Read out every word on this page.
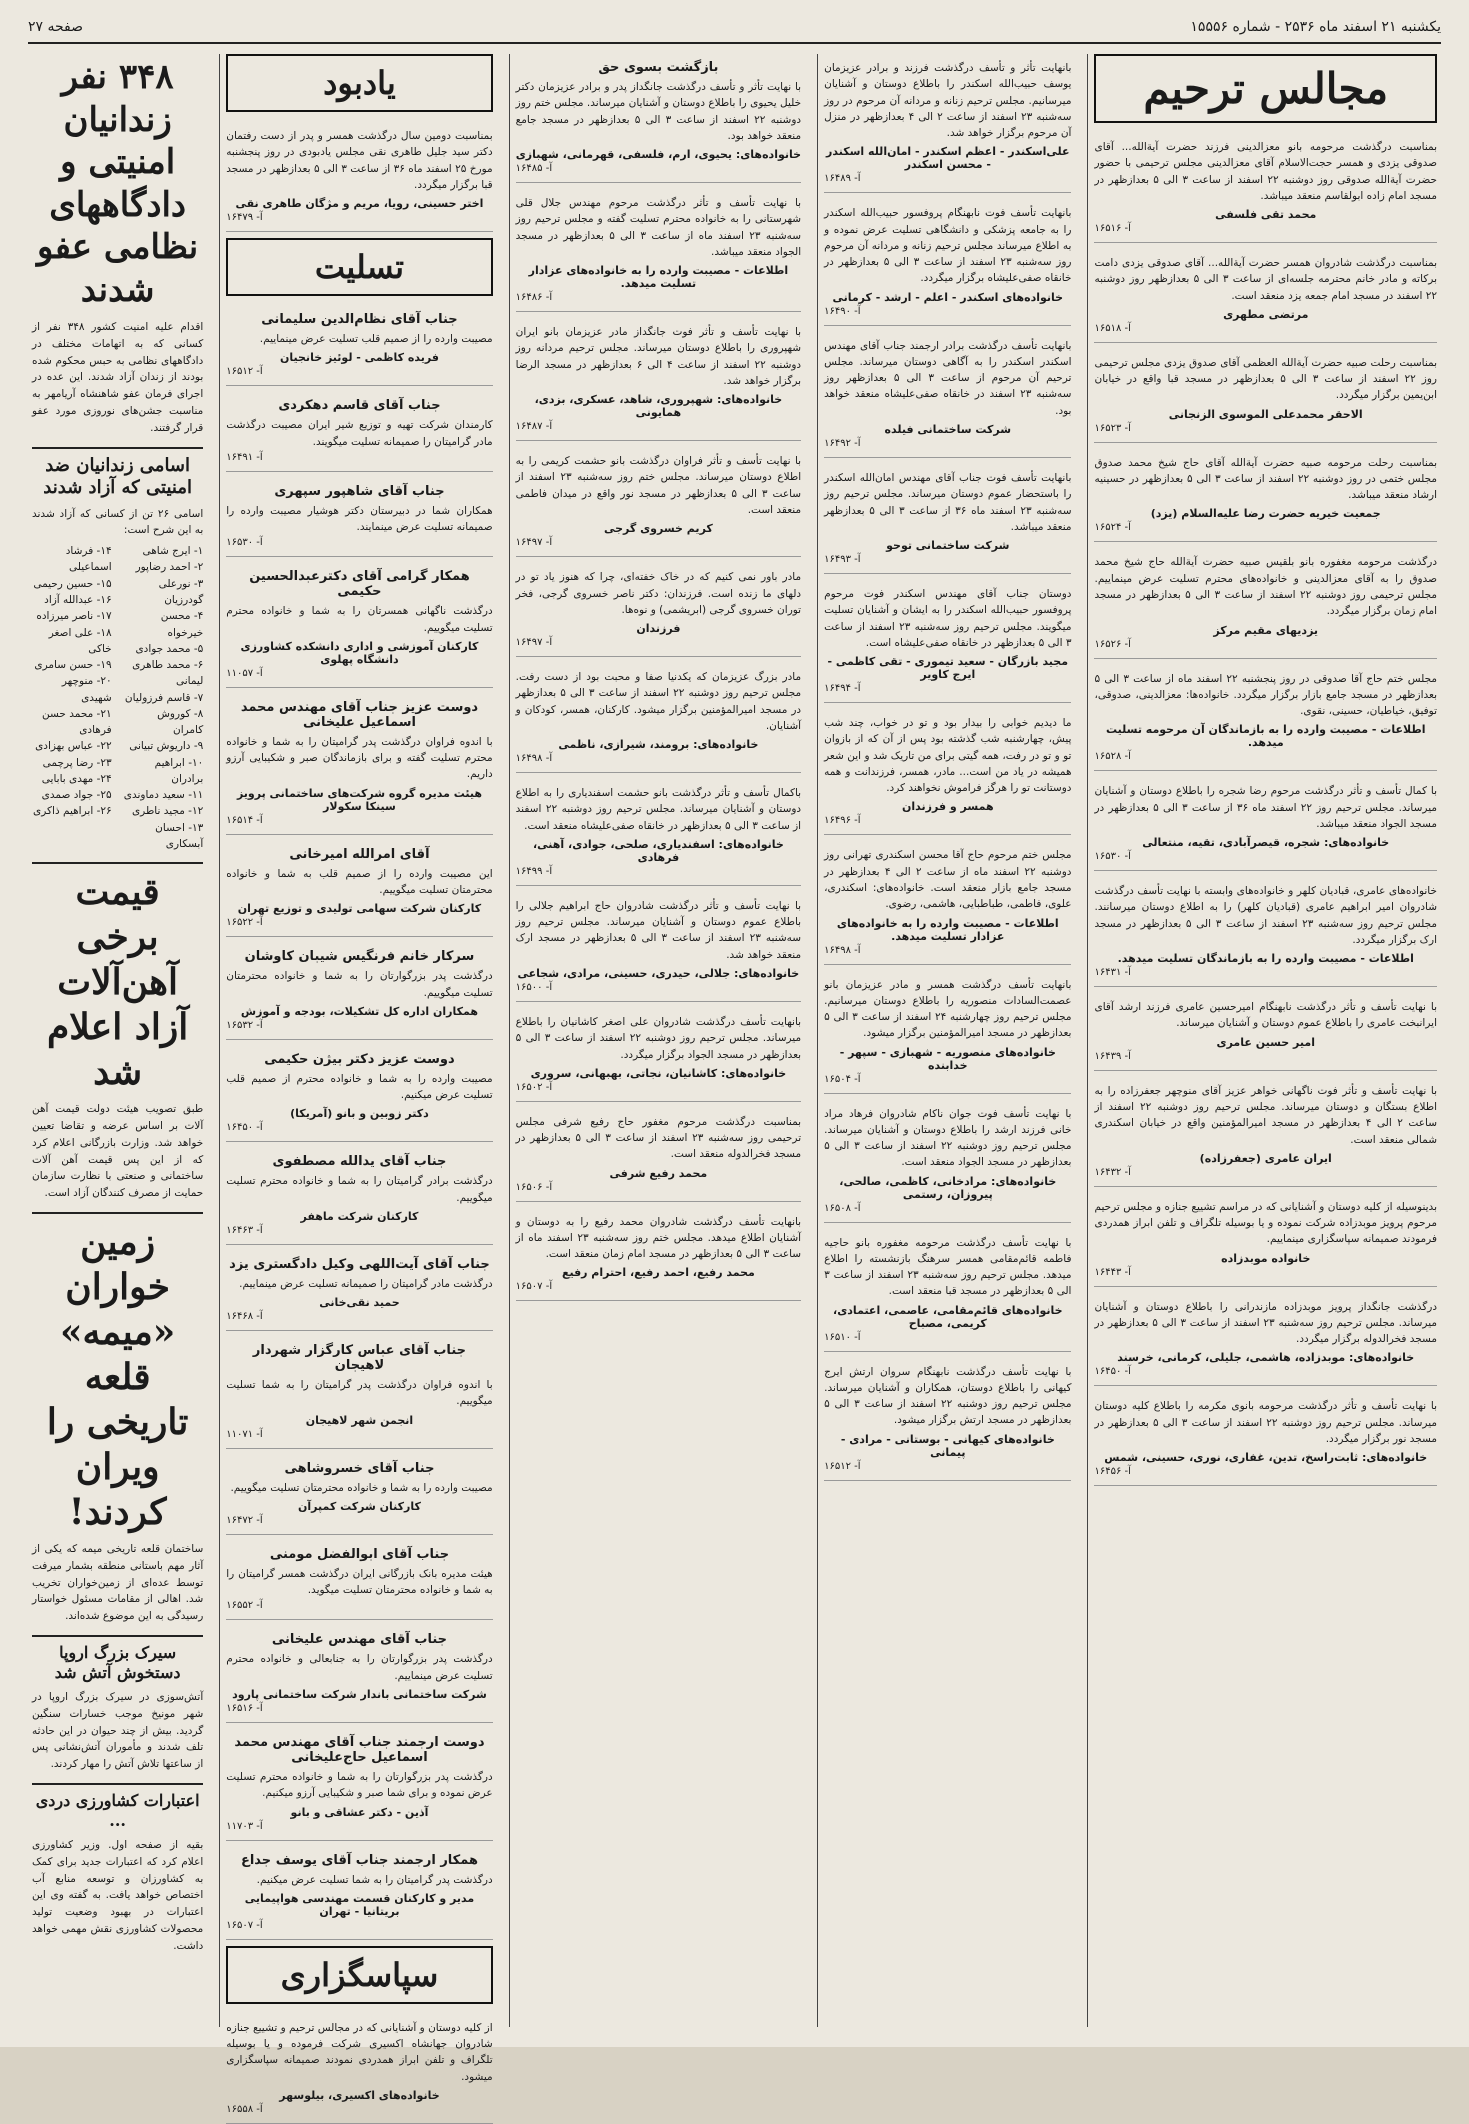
یکشنبه ۲۱ اسفند ماه ۲۵۳۶ - شماره ۱۵۵۵۶
صفحه ۲۷
مجالس ترحیم

بمناسبت درگذشت مرحومه بانو معزالدینی فرزند حضرت آیة‌الله... آقای صدوقی یزدی و همسر حجت‌الاسلام آقای معزالدینی مجلس ترحیمی با حضور حضرت آیة‌الله صدوقی روز دوشنبه ۲۲ اسفند از ساعت ۳ الی ۵ بعدازظهر در مسجد امام زاده ابولقاسم منعقد میباشد.

محمد تقی فلسفی
آ- ۱۶۵۱۶

بمناسبت درگذشت شادروان همسر حضرت آیة‌الله... آقای صدوقی یزدی دامت برکاته و مادر خانم محترمه جلسه‌ای از ساعت ۳ الی ۵ بعدازظهر روز دوشنبه ۲۲ اسفند در مسجد امام جمعه یزد منعقد است.

مرتضی مطهری
آ- ۱۶۵۱۸

بمناسبت رحلت صبیه حضرت آیة‌الله العظمی آقای صدوق یزدی مجلس ترحیمی روز ۲۲ اسفند از ساعت ۳ الی ۵ بعدازظهر در مسجد قبا واقع در خیابان ابن‌یمین برگزار میگردد.

الاحقر محمدعلی الموسوی الزنجانی
آ- ۱۶۵۲۳

بمناسبت رحلت مرحومه صبیه حضرت آیة‌الله آقای حاج شیخ محمد صدوق مجلس ختمی در روز دوشنبه ۲۲ اسفند از ساعت ۳ الی ۵ بعدازظهر در حسینیه ارشاد منعقد میباشد.

جمعیت خیریه حضرت رضا علیه‌السلام (یزد)
آ- ۱۶۵۲۴

درگذشت مرحومه مغفوره بانو بلقیس صبیه حضرت آیة‌الله حاج شیخ محمد صدوق را به آقای معزالدینی و خانواده‌های محترم تسلیت عرض مینماییم. مجلس ترحیمی روز دوشنبه ۲۲ اسفند از ساعت ۳ الی ۵ بعدازظهر در مسجد امام زمان برگزار میگردد.

یزدیهای مقیم مرکز
آ- ۱۶۵۲۶

مجلس ختم حاج آقا صدوقی در روز پنجشنبه ۲۲ اسفند ماه از ساعت ۳ الی ۵ بعدازظهر در مسجد جامع بازار برگزار میگردد. خانواده‌ها: معزالدینی، صدوقی، توفیق، خیاطیان، حسینی، نقوی.

اطلاعات - مصیبت وارده را به بازماندگان آن مرحومه تسلیت میدهد.
آ- ۱۶۵۲۸

با کمال تأسف و تأثر درگذشت مرحوم رضا شجره را باطلاع دوستان و آشنایان میرساند. مجلس ترحیم روز ۲۲ اسفند ماه ۳۶ از ساعت ۳ الی ۵ بعدازظهر در مسجد الجواد منعقد میباشد.

خانواده‌های: شجره، قیصرآبادی، تقیه، منتعالی
آ- ۱۶۵۳۰

خانواده‌های عامری، قبادیان کلهر و خانواده‌های وابسته با نهایت تأسف درگذشت شادروان امیر ابراهیم عامری (قبادیان کلهر) را به اطلاع دوستان میرسانند. مجلس ترحیم روز سه‌شنبه ۲۳ اسفند از ساعت ۳ الی ۵ بعدازظهر در مسجد ارک برگزار میگردد.

اطلاعات - مصیبت وارده را به بازماندگان تسلیت میدهد.
آ- ۱۶۴۳۱

با نهایت تأسف و تأثر درگذشت نابهنگام امیرحسین عامری فرزند ارشد آقای ایرانبخت عامری را باطلاع عموم دوستان و آشنایان میرساند.

امیر حسین عامری
آ- ۱۶۴۳۹

با نهایت تأسف و تأثر فوت ناگهانی خواهر عزیز آقای منوچهر جعفرزاده را به اطلاع بستگان و دوستان میرساند. مجلس ترحیم روز دوشنبه ۲۲ اسفند از ساعت ۲ الی ۴ بعدازظهر در مسجد امیرالمؤمنین واقع در خیابان اسکندری شمالی منعقد است.

ایران عامری (جعفرزاده)
آ- ۱۶۴۳۲

بدینوسیله از کلیه دوستان و آشنایانی که در مراسم تشییع جنازه و مجلس ترحیم مرحوم پرویز موبدزاده شرکت نموده و یا بوسیله تلگراف و تلفن ابراز همدردی فرمودند صمیمانه سپاسگزاری مینماییم.

خانواده موبدزاده
آ- ۱۶۴۴۳

درگذشت جانگداز پرویز موبدزاده مازندرانی را باطلاع دوستان و آشنایان میرساند. مجلس ترحیم روز سه‌شنبه ۲۳ اسفند از ساعت ۳ الی ۵ بعدازظهر در مسجد فخرالدوله برگزار میگردد.

خانواده‌های: موبدزاده، هاشمی، جلیلی، کرمانی، خرسند
آ- ۱۶۴۵۰

با نهایت تأسف و تأثر درگذشت مرحومه بانوی مکرمه را باطلاع کلیه دوستان میرساند. مجلس ترحیم روز دوشنبه ۲۲ اسفند از ساعت ۳ الی ۵ بعدازظهر در مسجد نور برگزار میگردد.

خانواده‌های: ثابت‌راسخ، تدین، غفاری، نوری، حسینی، شمس
آ- ۱۶۴۵۶

بانهایت تأثر و تأسف درگذشت فرزند و برادر عزیزمان یوسف حبیب‌الله اسکندر را باطلاع دوستان و آشنایان میرسانیم. مجلس ترحیم زنانه و مردانه آن مرحوم در روز سه‌شنبه ۲۳ اسفند از ساعت ۲ الی ۴ بعدازظهر در منزل آن مرحوم برگزار خواهد شد.

علی‌اسکندر - اعظم اسکندر - امان‌الله اسکندر - محسن اسکندر
آ- ۱۶۴۸۹

بانهایت تأسف فوت نابهنگام پروفسور حبیب‌الله اسکندر را به جامعه پزشکی و دانشگاهی تسلیت عرض نموده و به اطلاع میرساند مجلس ترحیم زنانه و مردانه آن مرحوم روز سه‌شنبه ۲۳ اسفند از ساعت ۳ الی ۵ بعدازظهر در خانقاه صفی‌علیشاه برگزار میگردد.

خانواده‌های اسکندر - اعلم - ارشد - کرمانی
آ- ۱۶۴۹۰

بانهایت تأسف درگذشت برادر ارجمند جناب آقای مهندس اسکندر اسکندر را به آگاهی دوستان میرساند. مجلس ترحیم آن مرحوم از ساعت ۳ الی ۵ بعدازظهر روز سه‌شنبه ۲۳ اسفند در خانقاه صفی‌علیشاه منعقد خواهد بود.

شرکت ساختمانی فیلده
آ- ۱۶۴۹۲

بانهایت تأسف فوت جناب آقای مهندس امان‌الله اسکندر را باستحضار عموم دوستان میرساند. مجلس ترحیم روز سه‌شنبه ۲۳ اسفند ماه ۳۶ از ساعت ۳ الی ۵ بعدازظهر منعقد میباشد.

شرکت ساختمانی توحو
آ- ۱۶۴۹۳

دوستان جناب آقای مهندس اسکندر فوت مرحوم پروفسور حبیب‌الله اسکندر را به ایشان و آشنایان تسلیت میگویند. مجلس ترحیم روز سه‌شنبه ۲۳ اسفند از ساعت ۳ الی ۵ بعدازظهر در خانقاه صفی‌علیشاه است.

مجید بازرگان - سعید تیموری - تقی کاظمی - ایرج کاویر
آ- ۱۶۴۹۴

ما دیدیم خوابی را بیدار بود و تو در خواب، چند شب پیش، چهارشنبه شب گذشته بود پس از آن که از بازوان تو و تو در رفت، همه گیتی برای من تاریک شد و این شعر همیشه در یاد من است... مادر، همسر، فرزندانت و همه دوستانت تو را هرگز فراموش نخواهند کرد.

همسر و فرزندان
آ- ۱۶۴۹۶

مجلس ختم مرحوم حاج آقا محسن اسکندری تهرانی روز دوشنبه ۲۲ اسفند ماه از ساعت ۲ الی ۴ بعدازظهر در مسجد جامع بازار منعقد است. خانواده‌های: اسکندری، علوی، فاطمی، طباطبایی، هاشمی، رضوی.

اطلاعات - مصیبت وارده را به خانواده‌های عزادار تسلیت میدهد.
آ- ۱۶۴۹۸

بانهایت تأسف درگذشت همسر و مادر عزیزمان بانو عصمت‌السادات منصوریه را باطلاع دوستان میرسانیم. مجلس ترحیم روز چهارشنبه ۲۴ اسفند از ساعت ۳ الی ۵ بعدازظهر در مسجد امیرالمؤمنین برگزار میشود.

خانواده‌های منصوریه - شهبازی - سپهر - خدابنده
آ- ۱۶۵۰۴

با نهایت تأسف فوت جوان ناکام شادروان فرهاد مراد خانی فرزند ارشد را باطلاع دوستان و آشنایان میرساند. مجلس ترحیم روز دوشنبه ۲۲ اسفند از ساعت ۳ الی ۵ بعدازظهر در مسجد الجواد منعقد است.

خانواده‌های: مرادخانی، کاظمی، صالحی، پیروزان، رستمی
آ- ۱۶۵۰۸

با نهایت تأسف درگذشت مرحومه مغفوره بانو حاجیه فاطمه قائم‌مقامی همسر سرهنگ بازنشسته را اطلاع میدهد. مجلس ترحیم روز سه‌شنبه ۲۳ اسفند از ساعت ۳ الی ۵ بعدازظهر در مسجد قبا منعقد است.

خانواده‌های قائم‌مقامی، عاصمی، اعتمادی، کریمی، مصباح
آ- ۱۶۵۱۰

با نهایت تأسف درگذشت نابهنگام سروان ارتش ایرج کیهانی را باطلاع دوستان، همکاران و آشنایان میرساند. مجلس ترحیم روز دوشنبه ۲۲ اسفند از ساعت ۳ الی ۵ بعدازظهر در مسجد ارتش برگزار میشود.

خانواده‌های کیهانی - بوستانی - مرادی - پیمانی
آ- ۱۶۵۱۲
بازگشت بسوی حق

با نهایت تأثر و تأسف درگذشت جانگداز پدر و برادر عزیزمان دکتر خلیل یحیوی را باطلاع دوستان و آشنایان میرساند. مجلس ختم روز دوشنبه ۲۲ اسفند از ساعت ۳ الی ۵ بعدازظهر در مسجد جامع منعقد خواهد بود.

خانواده‌های: یحیوی، ارم، فلسفی، قهرمانی، شهبازی
آ- ۱۶۴۸۵

با نهایت تأسف و تأثر درگذشت مرحوم مهندس جلال قلی شهرستانی را به خانواده محترم تسلیت گفته و مجلس ترحیم روز سه‌شنبه ۲۳ اسفند ماه از ساعت ۳ الی ۵ بعدازظهر در مسجد الجواد منعقد میباشد.

اطلاعات - مصیبت وارده را به خانواده‌های عزادار تسلیت میدهد.
آ- ۱۶۴۸۶

با نهایت تأسف و تأثر فوت جانگداز مادر عزیزمان بانو ایران شهپروری را باطلاع دوستان میرساند. مجلس ترحیم مردانه روز دوشنبه ۲۲ اسفند از ساعت ۴ الی ۶ بعدازظهر در مسجد الرضا برگزار خواهد شد.

خانواده‌های: شهپروری، شاهد، عسکری، بزدی، همایونی
آ- ۱۶۴۸۷

با نهایت تأسف و تأثر فراوان درگذشت بانو حشمت کریمی را به اطلاع دوستان میرساند. مجلس ختم روز سه‌شنبه ۲۳ اسفند از ساعت ۳ الی ۵ بعدازظهر در مسجد نور واقع در میدان فاطمی منعقد است.

کریم خسروی گرجی
آ- ۱۶۴۹۷

مادر باور نمی کنیم که در خاک خفته‌ای، چرا که هنوز یاد تو در دلهای ما زنده است. فرزندان: دکتر ناصر خسروی گرجی، فخر توران خسروی گرجی (ابریشمی) و نوه‌ها.

فرزندان
آ- ۱۶۴۹۷

مادر بزرگ عزیزمان که یکدنیا صفا و محبت بود از دست رفت. مجلس ترحیم روز دوشنبه ۲۲ اسفند از ساعت ۳ الی ۵ بعدازظهر در مسجد امیرالمؤمنین برگزار میشود. کارکنان، همسر، کودکان و آشنایان.

خانواده‌های: برومند، شیرازی، ناظمی
آ- ۱۶۴۹۸

باکمال تأسف و تأثر درگذشت بانو حشمت اسفندیاری را به اطلاع دوستان و آشنایان میرساند. مجلس ترحیم روز دوشنبه ۲۲ اسفند از ساعت ۳ الی ۵ بعدازظهر در خانقاه صفی‌علیشاه منعقد است.

خانواده‌های: اسفندیاری، صلحی، جوادی، آهنی، فرهادی
آ- ۱۶۴۹۹

با نهایت تأسف و تأثر درگذشت شادروان حاج ابراهیم جلالی را باطلاع عموم دوستان و آشنایان میرساند. مجلس ترحیم روز سه‌شنبه ۲۳ اسفند از ساعت ۳ الی ۵ بعدازظهر در مسجد ارک منعقد خواهد شد.

خانواده‌های: جلالی، حیدری، حسینی، مرادی، شجاعی
آ- ۱۶۵۰۰

بانهایت تأسف درگذشت شادروان علی اصغر کاشانیان را باطلاع میرساند. مجلس ترحیم روز دوشنبه ۲۲ اسفند از ساعت ۳ الی ۵ بعدازظهر در مسجد الجواد برگزار میگردد.

خانواده‌های: کاشانیان، نجاتی، بهبهانی، سروری
آ- ۱۶۵۰۲

بمناسبت درگذشت مرحوم مغفور حاج رفیع شرفی مجلس ترحیمی روز سه‌شنبه ۲۳ اسفند از ساعت ۳ الی ۵ بعدازظهر در مسجد فخرالدوله منعقد است.

محمد رفیع شرفی
آ- ۱۶۵۰۶

بانهایت تأسف درگذشت شادروان محمد رفیع را به دوستان و آشنایان اطلاع میدهد. مجلس ختم روز سه‌شنبه ۲۳ اسفند ماه از ساعت ۳ الی ۵ بعدازظهر در مسجد امام زمان منعقد است.

محمد رفیع، احمد رفیع، احترام رفیع
آ- ۱۶۵۰۷
یادبود

بمناسبت دومین سال درگذشت همسر و پدر از دست رفتمان دکتر سید جلیل طاهری نقی مجلس یادبودی در روز پنجشنبه مورخ ۲۵ اسفند ماه ۳۶ از ساعت ۳ الی ۵ بعدازظهر در مسجد قبا برگزار میگردد.

اختر حسینی، رویا، مریم و مژگان طاهری نقی
آ- ۱۶۴۷۹
تسلیت
جناب آقای نظام‌الدین سلیمانی

مصیبت وارده را از صمیم قلب تسلیت عرض مینماییم.

فریده کاظمی - لوئیز خانجیان
آ- ۱۶۵۱۲
جناب آقای قاسم دهکردی

کارمندان شرکت تهیه و توزیع شیر ایران مصیبت درگذشت مادر گرامیتان را صمیمانه تسلیت میگویند.

آ- ۱۶۴۹۱
جناب آقای شاهپور سپهری

همکاران شما در دبیرستان دکتر هوشیار مصیبت وارده را صمیمانه تسلیت عرض مینمایند.

آ- ۱۶۵۳۰
همکار گرامی آقای دکترعبدالحسین حکیمی

درگذشت ناگهانی همسرتان را به شما و خانواده محترم تسلیت میگوییم.

کارکنان آموزشی و اداری دانشکده کشاورزی دانشگاه پهلوی
آ- ۱۱۰۵۷
دوست عزیز جناب آقای مهندس محمد اسماعیل علیخانی

با اندوه فراوان درگذشت پدر گرامیتان را به شما و خانواده محترم تسلیت گفته و برای بازماندگان صبر و شکیبایی آرزو داریم.

هیئت مدیره گروه شرکت‌های ساختمانی پرویز سینکا سکولار
آ- ۱۶۵۱۴
آقای امرالله امیرخانی

این مصیبت وارده را از صمیم قلب به شما و خانواده محترمتان تسلیت میگوییم.

کارکنان شرکت سهامی تولیدی و توزیع تهران
آ- ۱۶۵۲۲
سرکار خانم فرنگیس شیبان کاوشان

درگذشت پدر بزرگوارتان را به شما و خانواده محترمتان تسلیت میگوییم.

همکاران اداره کل تشکیلات، بودجه و آموزش
آ- ۱۶۵۳۲
دوست عزیز دکتر بیژن حکیمی

مصیبت وارده را به شما و خانواده محترم از صمیم قلب تسلیت عرض میکنیم.

دکتر زوبین و بانو (آمریکا)
آ- ۱۶۴۵۰
جناب آقای یدالله مصطفوی

درگذشت برادر گرامیتان را به شما و خانواده محترم تسلیت میگوییم.

کارکنان شرکت ماهفر
آ- ۱۶۴۶۳
جناب آقای آیت‌اللهی وکیل دادگستری یزد

درگذشت مادر گرامیتان را صمیمانه تسلیت عرض مینماییم.

حمید نقی‌خانی
آ- ۱۶۴۶۸
جناب آقای عباس کارگزار شهردار لاهیجان

با اندوه فراوان درگذشت پدر گرامیتان را به شما تسلیت میگوییم.

انجمن شهر لاهیجان
آ- ۱۱۰۷۱
جناب آقای خسروشاهی

مصیبت وارده را به شما و خانواده محترمتان تسلیت میگوییم.

کارکنان شرکت کمپرآن
آ- ۱۶۴۷۲
جناب آقای ابوالفضل مومنی

هیئت مدیره بانک بازرگانی ایران درگذشت همسر گرامیتان را به شما و خانواده محترمتان تسلیت میگوید.

آ- ۱۶۵۵۲
جناب آقای مهندس علیخانی

درگذشت پدر بزرگوارتان را به جنابعالی و خانواده محترم تسلیت عرض مینماییم.

شرکت ساختمانی باندار شرکت ساختمانی پارود
آ- ۱۶۵۱۶
دوست ارجمند جناب آقای مهندس محمد اسماعیل حاج‌علیخانی

درگذشت پدر بزرگوارتان را به شما و خانواده محترم تسلیت عرض نموده و برای شما صبر و شکیبایی آرزو میکنیم.

آذین - دکتر عشاقی و بانو
آ- ۱۱۷۰۳
همکار ارجمند جناب آقای یوسف جداع

درگذشت پدر گرامیتان را به شما تسلیت عرض میکنیم.

مدیر و کارکنان قسمت مهندسی هواپیمایی بریتانیا - تهران
آ- ۱۶۵۰۷
سپاسگزاری

از کلیه دوستان و آشنایانی که در مجالس ترحیم و تشییع جنازه شادروان جهانشاه اکسیری شرکت فرموده و یا بوسیله تلگراف و تلفن ابراز همدردی نمودند صمیمانه سپاسگزاری میشود.

خانواده‌های اکسیری، بیلوسهر
آ- ۱۶۵۵۸
۳۴۸ نفر زندانیان امنیتی و دادگاههای نظامی عفو شدند

اقدام علیه امنیت کشور ۳۴۸ نفر از کسانی که به اتهامات مختلف در دادگاههای نظامی به حبس محکوم شده بودند از زندان آزاد شدند. این عده در اجرای فرمان عفو شاهنشاه آریامهر به مناسبت جشن‌های نوروزی مورد عفو قرار گرفتند.

اسامی زندانیان ضد امنیتی که آزاد شدند

اسامی ۲۶ تن از کسانی که آزاد شدند به این شرح است:

۱- ایرج شاهی
۲- احمد رضاپور
۳- نورعلی گودرزیان
۴- محسن خیرخواه
۵- محمد جوادی
۶- محمد طاهری لیمانی
۷- قاسم فرزولیان
۸- کوروش کامران
۹- داریوش تبیانی
۱۰- ابراهیم برادران
۱۱- سعید دماوندی
۱۲- مجید ناطری
۱۳- احسان آبسکاری
۱۴- فرشاد اسماعیلی
۱۵- حسین رحیمی
۱۶- عبدالله آزاد
۱۷- ناصر میرزاده
۱۸- علی اصغر خاکی
۱۹- حسن سامری
۲۰- منوچهر شهیدی
۲۱- محمد حسن فرهادی
۲۲- عباس بهزادی
۲۳- رضا پرچمی
۲۴- مهدی بابایی
۲۵- جواد صمدی
۲۶- ابراهیم ذاکری
قیمت برخی آهن‌آلات آزاد اعلام شد

طبق تصویب هیئت دولت قیمت آهن آلات بر اساس عرضه و تقاضا تعیین خواهد شد. وزارت بازرگانی اعلام کرد که از این پس قیمت آهن آلات ساختمانی و صنعتی با نظارت سازمان حمایت از مصرف کنندگان آزاد است.

زمین خواران «میمه» قلعه تاریخی را ویران کردند!

ساختمان قلعه تاریخی میمه که یکی از آثار مهم باستانی منطقه بشمار میرفت توسط عده‌ای از زمین‌خواران تخریب شد. اهالی از مقامات مسئول خواستار رسیدگی به این موضوع شده‌اند.

سیرک بزرگ اروپا دستخوش آتش شد

آتش‌سوزی در سیرک بزرگ اروپا در شهر مونیخ موجب خسارات سنگین گردید. بیش از چند حیوان در این حادثه تلف شدند و مأموران آتش‌نشانی پس از ساعتها تلاش آتش را مهار کردند.

اعتبارات کشاورزی دردی ...

بقیه از صفحه اول. وزیر کشاورزی اعلام کرد که اعتبارات جدید برای کمک به کشاورزان و توسعه منابع آب اختصاص خواهد یافت. به گفته وی این اعتبارات در بهبود وضعیت تولید محصولات کشاورزی نقش مهمی خواهد داشت.
